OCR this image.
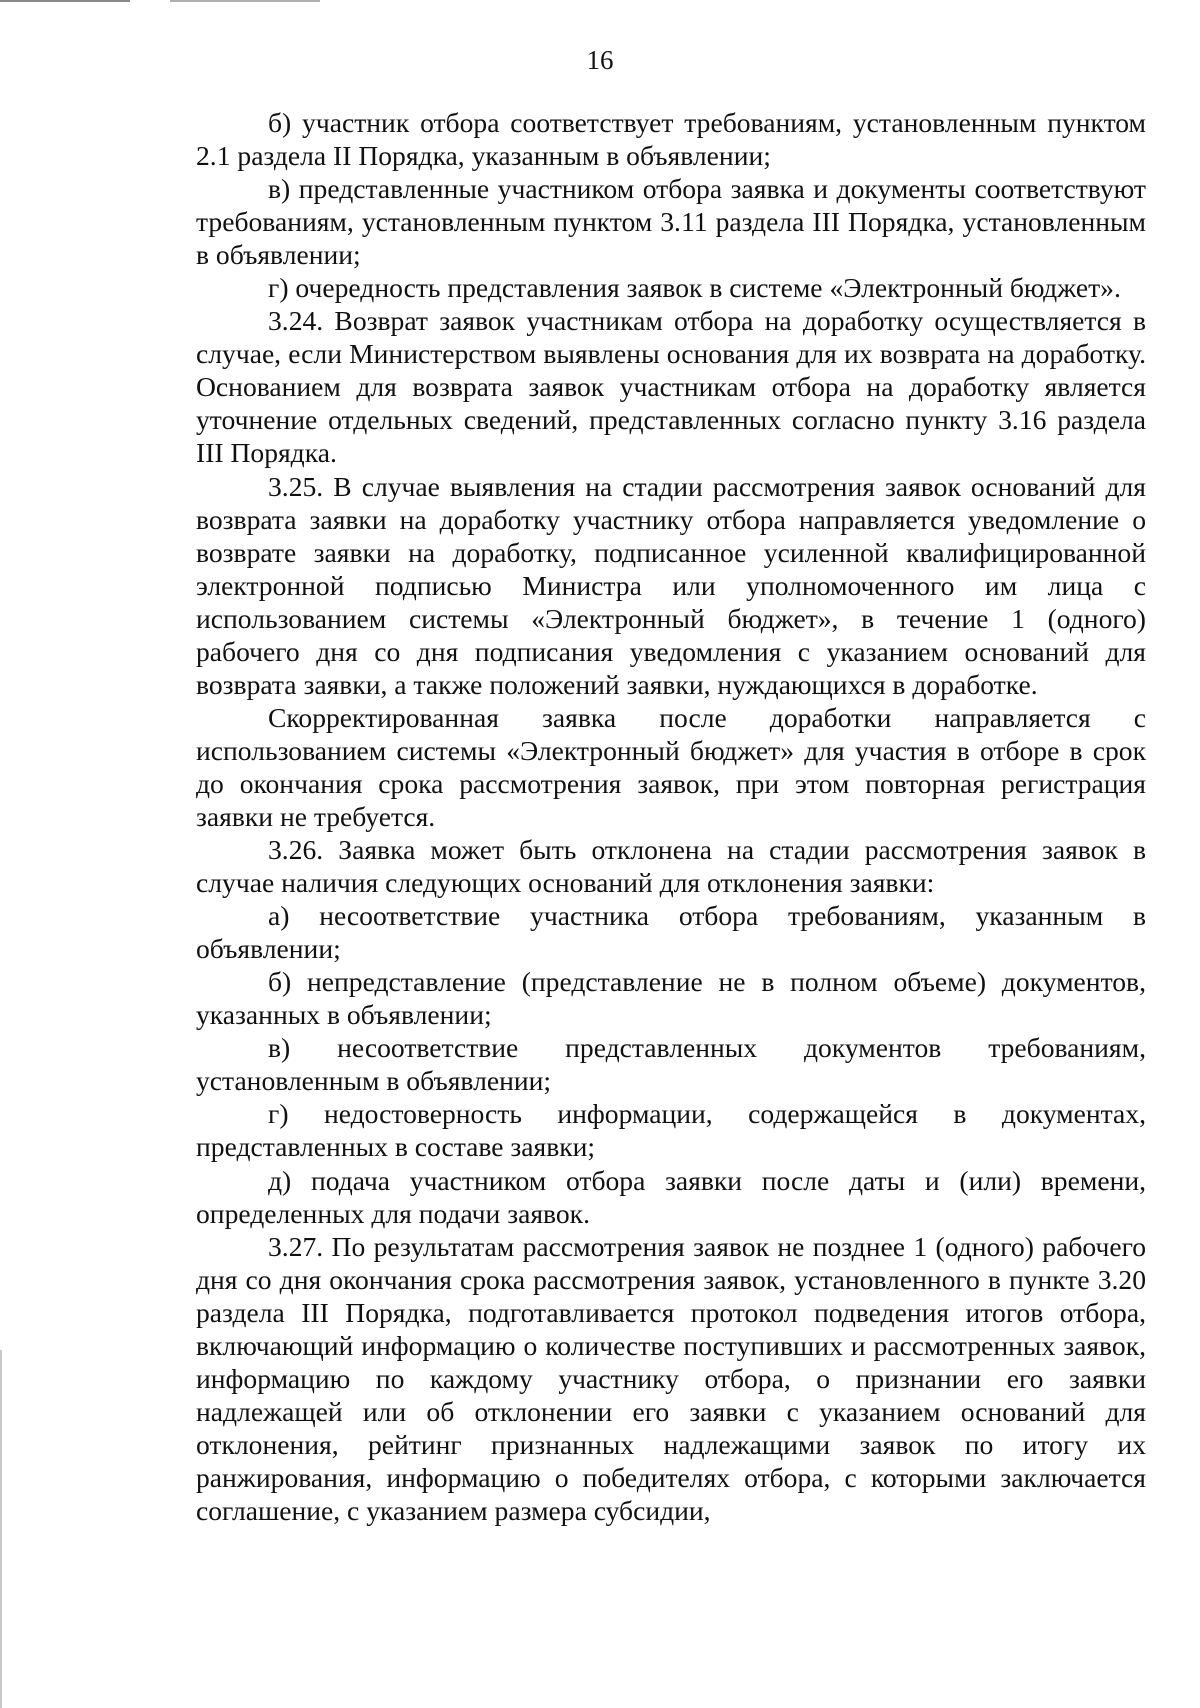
16

б) участник отбора соответствует требованиям, установленным пунктом 2.1 раздела II Порядка, указанным в объявлении;

в) представленные участником отбора заявка и документы соответствуют требованиям, установленным пунктом 3.11 раздела III Порядка, установленным в объявлении;

г) очередность представления заявок в системе «Электронный бюджет».

3.24. Возврат заявок участникам отбора на доработку осуществляется в случае, если Министерством выявлены основания для их возврата на доработку. Основанием для возврата заявок участникам отбора на доработку является уточнение отдельных сведений, представленных согласно пункту 3.16 раздела III Порядка.

3.25. В случае выявления на стадии рассмотрения заявок оснований для возврата заявки на доработку участнику отбора направляется уведомление о возврате заявки на доработку, подписанное усиленной квалифицированной электронной подписью Министра или уполномоченного им лица с использованием системы «Электронный бюджет», в течение 1 (одного) рабочего дня со дня подписания уведомления с указанием оснований для возврата заявки, а также положений заявки, нуждающихся в доработке.

Скорректированная заявка после доработки направляется с использованием системы «Электронный бюджет» для участия в отборе в срок до окончания срока рассмотрения заявок, при этом повторная регистрация заявки не требуется.

3.26. Заявка может быть отклонена на стадии рассмотрения заявок в случае наличия следующих оснований для отклонения заявки:

а) несоответствие участника отбора требованиям, указанным в объявлении;

б) непредставление (представление не в полном объеме) документов, указанных в объявлении;

в) несоответствие представленных документов требованиям, установленным в объявлении;

г) недостоверность информации, содержащейся в документах, представленных в составе заявки;

д) подача участником отбора заявки после даты и (или) времени, определенных для подачи заявок.

3.27. По результатам рассмотрения заявок не позднее 1 (одного) рабочего дня со дня окончания срока рассмотрения заявок, установленного в пункте 3.20 раздела III Порядка, подготавливается протокол подведения итогов отбора, включающий информацию о количестве поступивших и рассмотренных заявок, информацию по каждому участнику отбора, о признании его заявки надлежащей или об отклонении его заявки с указанием оснований для отклонения, рейтинг признанных надлежащими заявок по итогу их ранжирования, информацию о победителях отбора, с которыми заключается соглашение, с указанием размера субсидии,
